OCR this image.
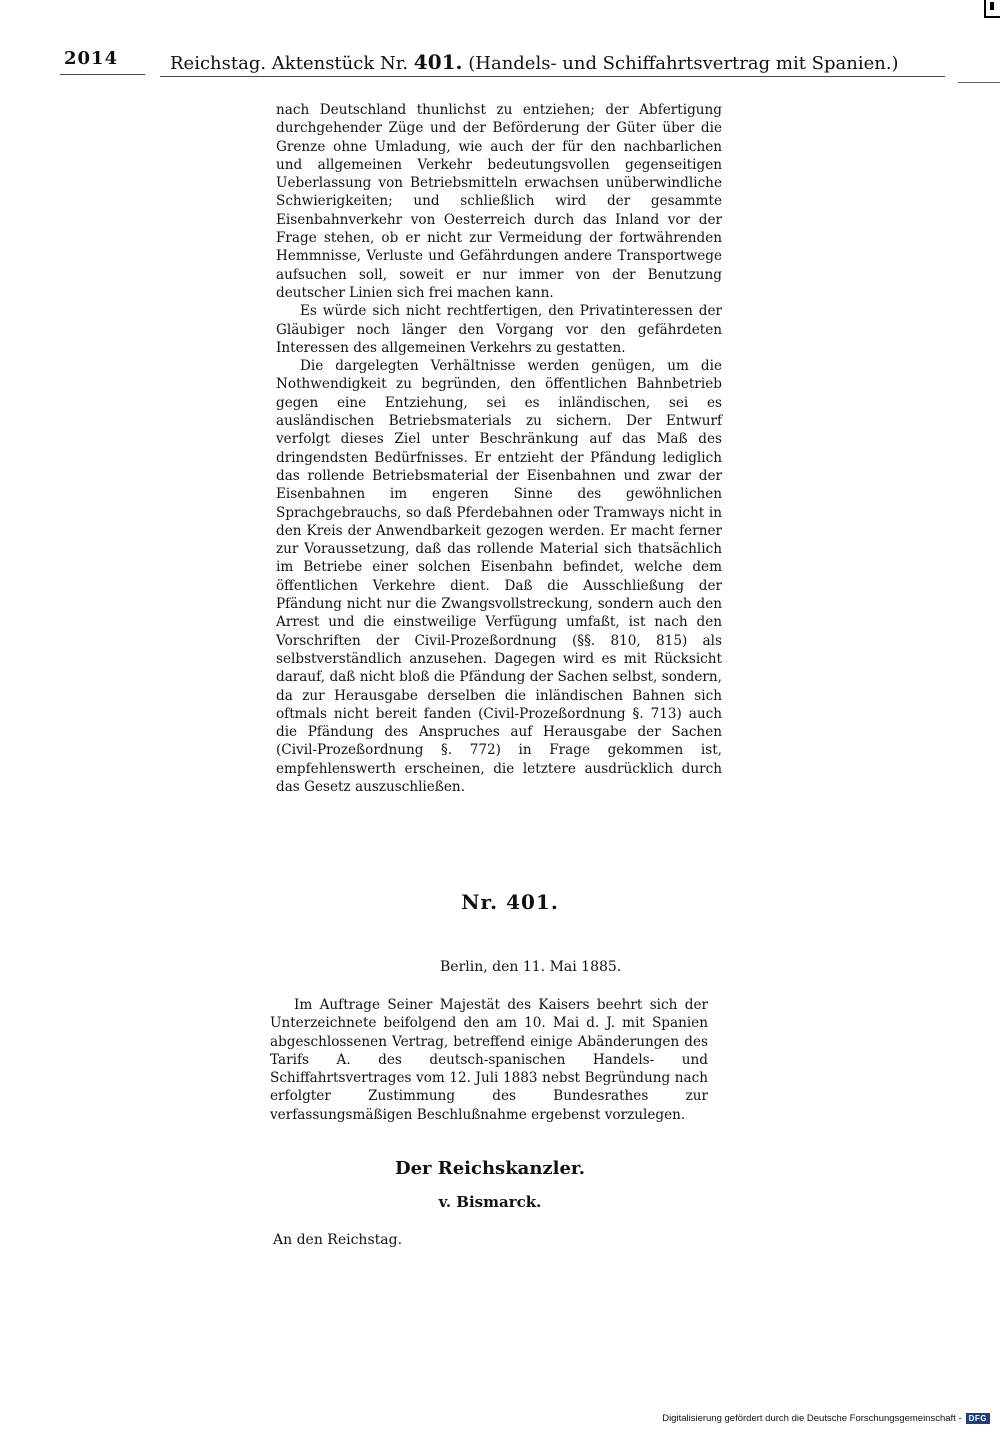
2014	Reichstag. Aktenstück Nr. 401. (Handels- und Schiffahrtsvertrag mit Spanien.)

nach Deutschland thunlichst zu entziehen; der Abfertigung durchgehender Züge und der Beförderung der Güter über die Grenze ohne Umladung, wie auch der für den nachbarlichen und allgemeinen Verkehr bedeutungsvollen gegenseitigen Ueberlassung von Betriebsmitteln erwachsen unüberwindliche Schwierigkeiten; und schließlich wird der gesammte Eisenbahnverkehr von Oesterreich durch das Inland vor der Frage stehen, ob er nicht zur Vermeidung der fortwährenden Hemmnisse, Verluste und Gefährdungen andere Transportwege aufsuchen soll, soweit er nur immer von der Benutzung deutscher Linien sich frei machen kann.

Es würde sich nicht rechtfertigen, den Privatinteressen der Gläubiger noch länger den Vorgang vor den gefährdeten Interessen des allgemeinen Verkehrs zu gestatten.

Die dargelegten Verhältnisse werden genügen, um die Nothwendigkeit zu begründen, den öffentlichen Bahnbetrieb gegen eine Entziehung, sei es inländischen, sei es ausländischen Betriebsmaterials zu sichern. Der Entwurf verfolgt dieses Ziel unter Beschränkung auf das Maß des dringendsten Bedürfnisses. Er entzieht der Pfändung lediglich das rollende Betriebsmaterial der Eisenbahnen und zwar der Eisenbahnen im engeren Sinne des gewöhnlichen Sprachgebrauchs, so daß Pferdebahnen oder Tramways nicht in den Kreis der Anwendbarkeit gezogen werden. Er macht ferner zur Voraussetzung, daß das rollende Material sich thatsächlich im Betriebe einer solchen Eisenbahn befindet, welche dem öffentlichen Verkehre dient. Daß die Ausschließung der Pfändung nicht nur die Zwangsvollstreckung, sondern auch den Arrest und die einstweilige Verfügung umfaßt, ist nach den Vorschriften der Civil-Prozeßordnung (§§. 810, 815) als selbstverständlich anzusehen. Dagegen wird es mit Rücksicht darauf, daß nicht bloß die Pfändung der Sachen selbst, sondern, da zur Herausgabe derselben die inländischen Bahnen sich oftmals nicht bereit fanden (Civil-Prozeßordnung §. 713) auch die Pfändung des Anspruches auf Herausgabe der Sachen (Civil-Prozeßordnung §. 772) in Frage gekommen ist, empfehlenswerth erscheinen, die letztere ausdrücklich durch das Gesetz auszuschließen.

Nr. 401.
Berlin, den 11. Mai 1885.

Im Auftrage Seiner Majestät des Kaisers beehrt sich der Unterzeichnete beifolgend den am 10. Mai d. J. mit Spanien abgeschlossenen Vertrag, betreffend einige Abänderungen des Tarifs A. des deutsch-spanischen Handels- und Schiffahrtsvertrages vom 12. Juli 1883 nebst Begründung nach erfolgter Zustimmung des Bundesrathes zur verfassungsmäßigen Beschlußnahme ergebenst vorzulegen.

Der Reichskanzler.
v. Bismarck.
An den Reichstag.
Digitalisierung gefördert durch die Deutsche Forschungsgemeinschaft - DFG
